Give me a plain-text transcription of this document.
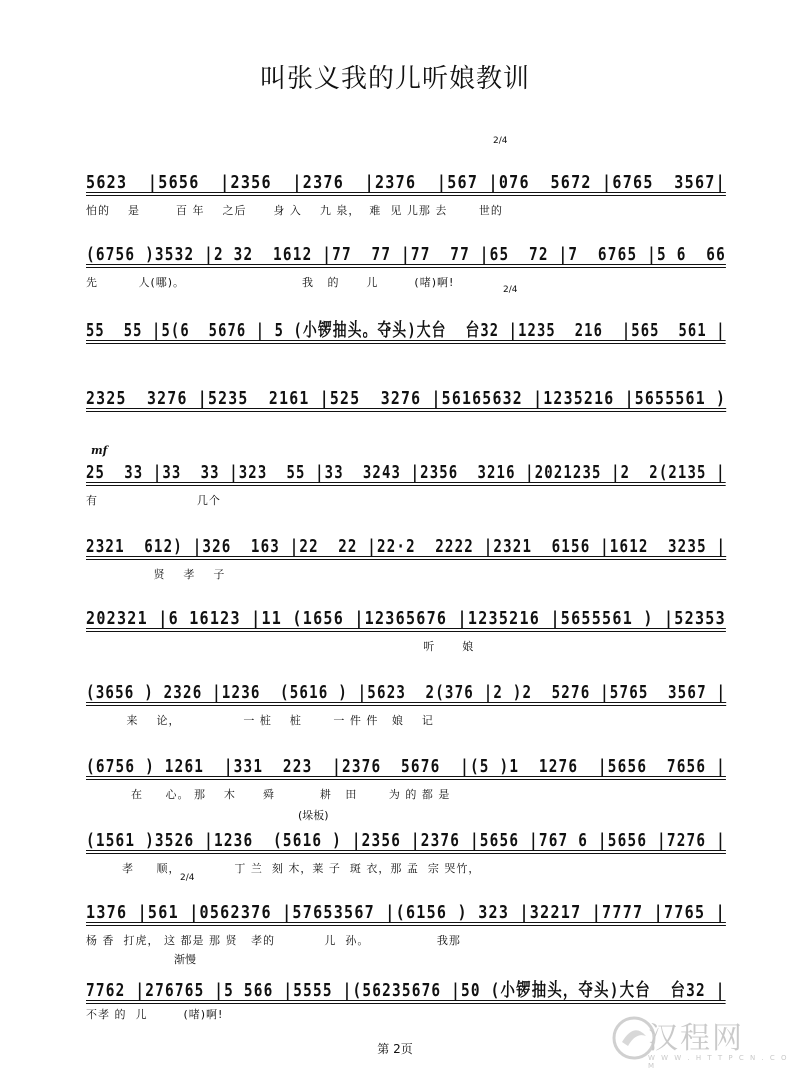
叫张义我的儿听娘教训
2/4
2/4
2/4
mf
(垛板)
渐慢
5623  |5656  |2356  |2376  |2376  |567 |076  5672 |6765  3567|
怕的    是        百 年    之后      身 入    九 泉，  难  见 儿那 去       世的
(6756 )3532 |2 32  1612 |77  77 |77  77 |65  72 |7  6765 |5 6  66
先         人(哪)。                          我   的      儿        (啫)啊!
55  55 |5(6  5676 | 5 (小锣抽头。夺头)大台  台32 |1235  216  |565  561 |
2325  3276 |5235  2161 |525  3276 |56165632 |1235216 |5655561 )
25  33 |33  33 |323  55 |33  3243 |2356  3216 |2021235 |2  2(2135 |
有                      几个
2321  612) |326  163 |22  22 |22·2  2222 |2321  6156 |1612  3235 |
贤    孝    子
202321 |6 16123 |11 (1656 |12365676 |1235216 |5655561 ) |52353
听      娘
(3656 ) 2326 |1236  (5616 ) |5623  2(376 |2 )2  5276 |5765  3567 |
来    论，              一 桩    桩       一 件 件   娘    记
(6756 ) 1261  |331  223  |2376  5676  |(5 )1  1276  |5656  7656 |
在     心。 那    木      舜          耕   田       为 的 都 是
(1561 )3526 |1236  (5616 ) |2356 |2376 |5656 |767 6 |5656 |7276 |
孝     顺，            丁 兰  刻 木，莱 子  斑 衣，那 孟  宗 哭竹，
1376 |561 |0562376 |57653567 |(6156 ) 323 |32217 |7777 |7765 |
杨 香  打虎， 这 都是 那 贤   孝的           儿  孙。               我那
7762 |276765 |5 566 |5555 |(56235676 |50 (小锣抽头，夺头)大台  台32 |
不孝 的  儿        (啫)啊!
第 2页	汉程网
W W W . H T T P C N . C O M
